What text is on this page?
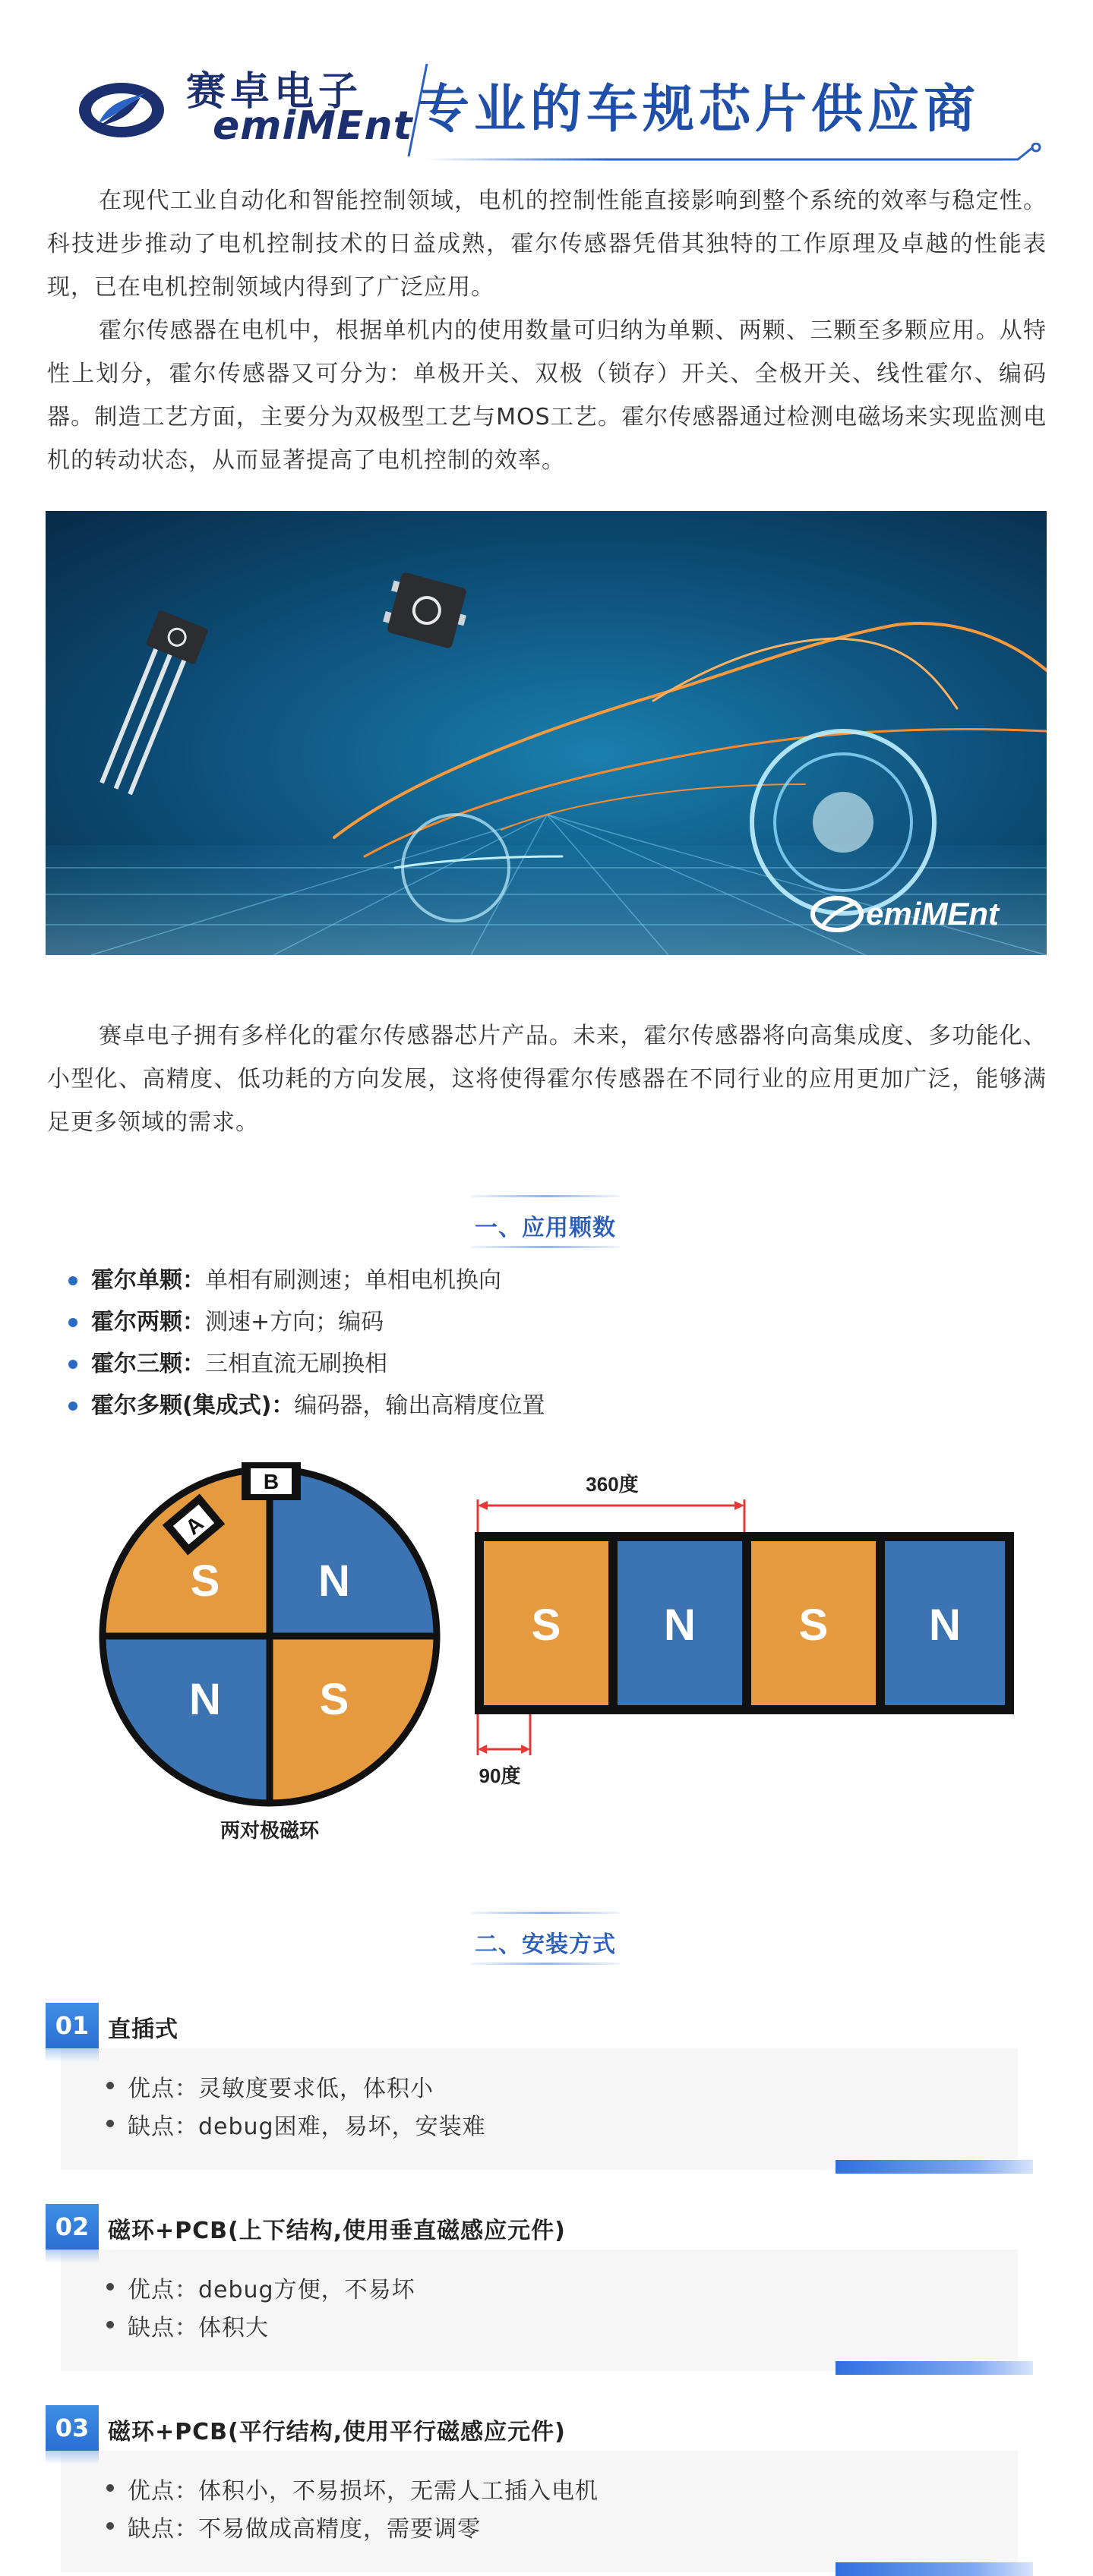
赛卓电子
emiMEnt 专业的车规芯片供应商

在现代工业自动化和智能控制领域，电机的控制性能直接影响到整个系统的效率与稳定性。科技进步推动了电机控制技术的日益成熟，霍尔传感器凭借其独特的工作原理及卓越的性能表现，已在电机控制领域内得到了广泛应用。

霍尔传感器在电机中，根据单机内的使用数量可归纳为单颗、两颗、三颗至多颗应用。从特性上划分，霍尔传感器又可分为：单极开关、双极（锁存）开关、全极开关、线性霍尔、编码器。制造工艺方面，主要分为双极型工艺与MOS工艺。霍尔传感器通过检测电磁场来实现监测电机的转动状态，从而显著提高了电机控制的效率。

emiMEnt

赛卓电子拥有多样化的霍尔传感器芯片产品。未来，霍尔传感器将向高集成度、多功能化、小型化、高精度、低功耗的方向发展，这将使得霍尔传感器在不同行业的应用更加广泛，能够满足更多领域的需求。

一、应用颗数
霍尔单颗：单相有刷测速；单相电机换向
霍尔两颗：测速+方向；编码
霍尔三颗：三相直流无刷换相
霍尔多颗(集成式)：编码器，输出高精度位置
S N
N S
A
B
两对极磁环
S N S N
360度
90度
二、安装方式
01 直插式
优点：灵敏度要求低，体积小
缺点：debug困难，易坏，安装难
02 磁环+PCB(上下结构,使用垂直磁感应元件)
优点：debug方便，不易坏
缺点：体积大
03 磁环+PCB(平行结构,使用平行磁感应元件)
优点：体积小，不易损坏，无需人工插入电机
缺点：不易做成高精度，需要调零
